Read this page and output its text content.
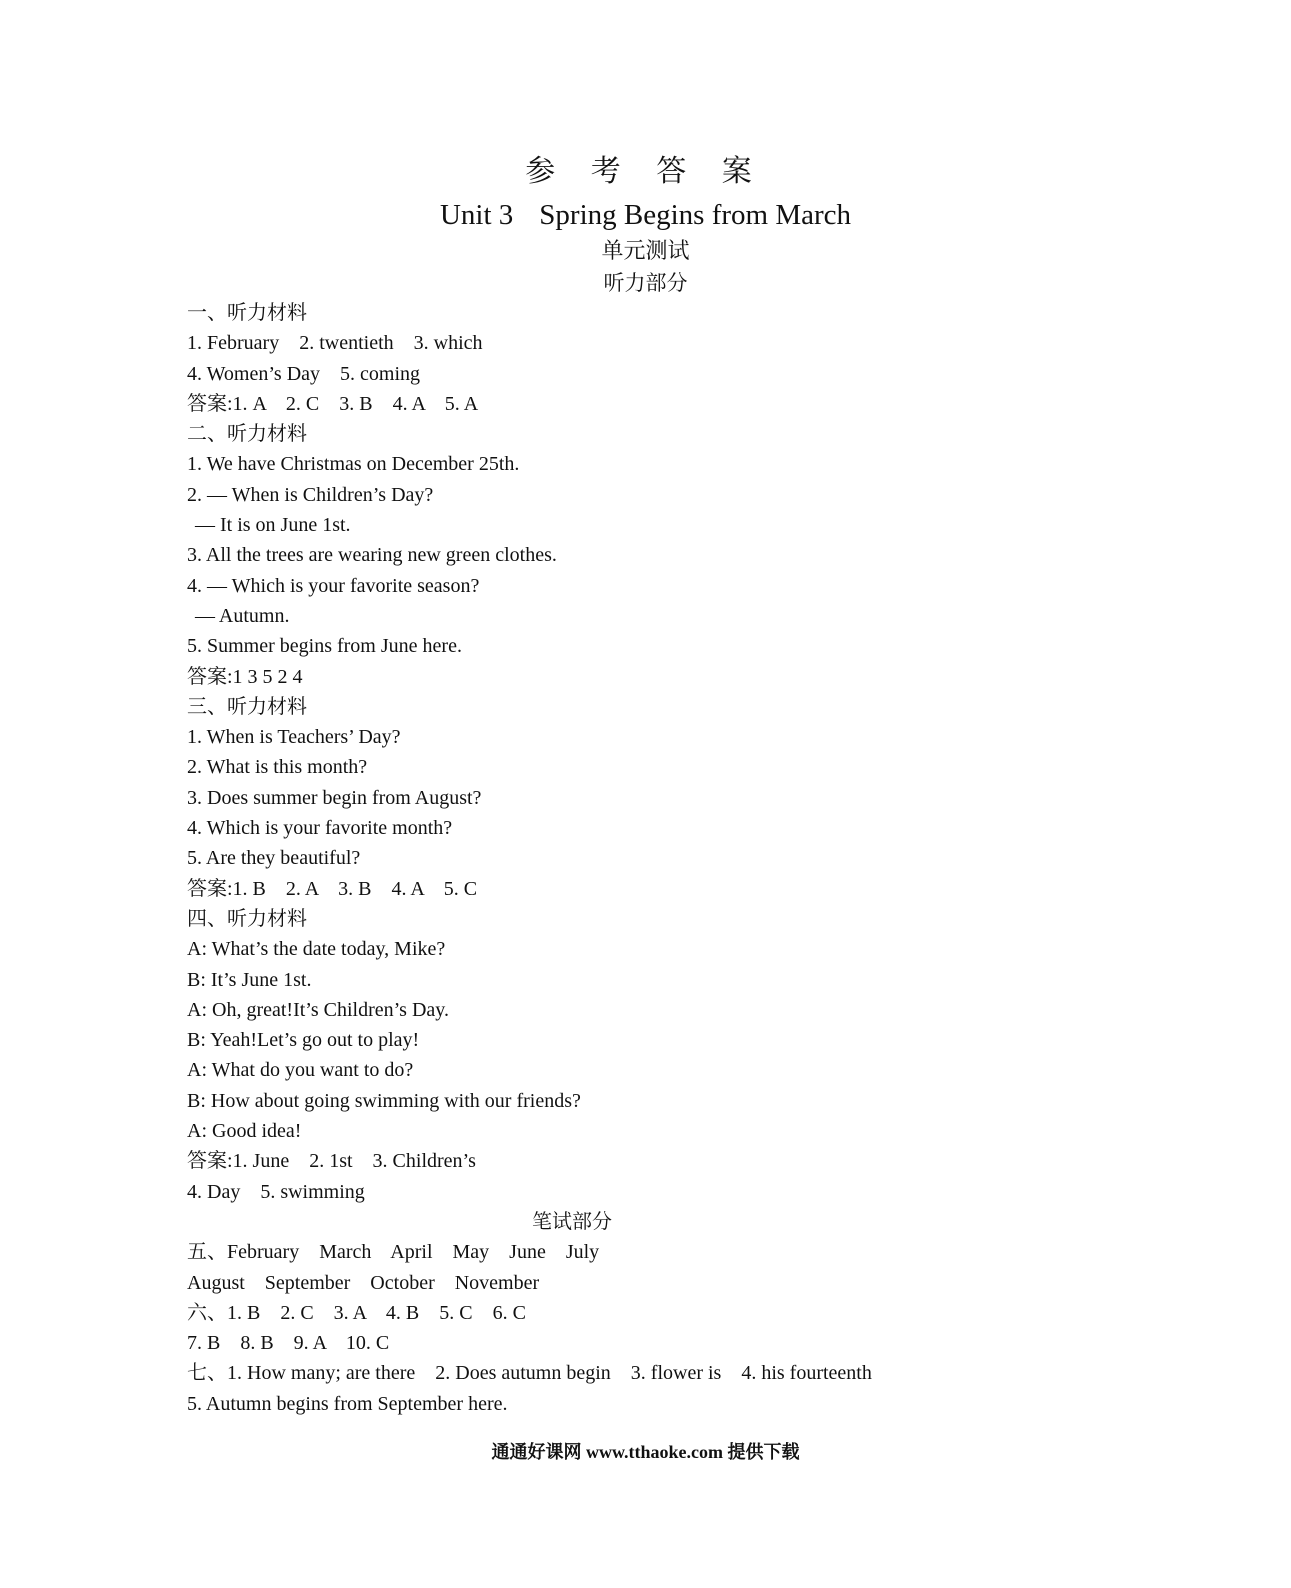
参 考 答 案
Unit 3 Spring Begins from March
单元测试
听力部分
一、听力材料
1. February    2. twentieth    3. which
4. Women’s Day    5. coming
答案:1. A    2. C    3. B    4. A    5. A
二、听力材料
1. We have Christmas on December 25th.
2. — When is Children’s Day?
— It is on June 1st.
3. All the trees are wearing new green clothes.
4. — Which is your favorite season?
— Autumn.
5. Summer begins from June here.
答案:1 3 5 2 4
三、听力材料
1. When is Teachers’ Day?
2. What is this month?
3. Does summer begin from August?
4. Which is your favorite month?
5. Are they beautiful?
答案:1. B    2. A    3. B    4. A    5. C
四、听力材料
A: What’s the date today, Mike?
B: It’s June 1st.
A: Oh, great!It’s Children’s Day.
B: Yeah!Let’s go out to play!
A: What do you want to do?
B: How about going swimming with our friends?
A: Good idea!
答案:1. June    2. 1st    3. Children’s
4. Day    5. swimming
笔试部分
五、February    March    April    May    June    July
August    September    October    November
六、1. B    2. C    3. A    4. B    5. C    6. C
7. B    8. B    9. A    10. C
七、1. How many; are there    2. Does autumn begin    3. flower is    4. his fourteenth
5. Autumn begins from September here.
通通好课网 www.tthaoke.com 提供下载
